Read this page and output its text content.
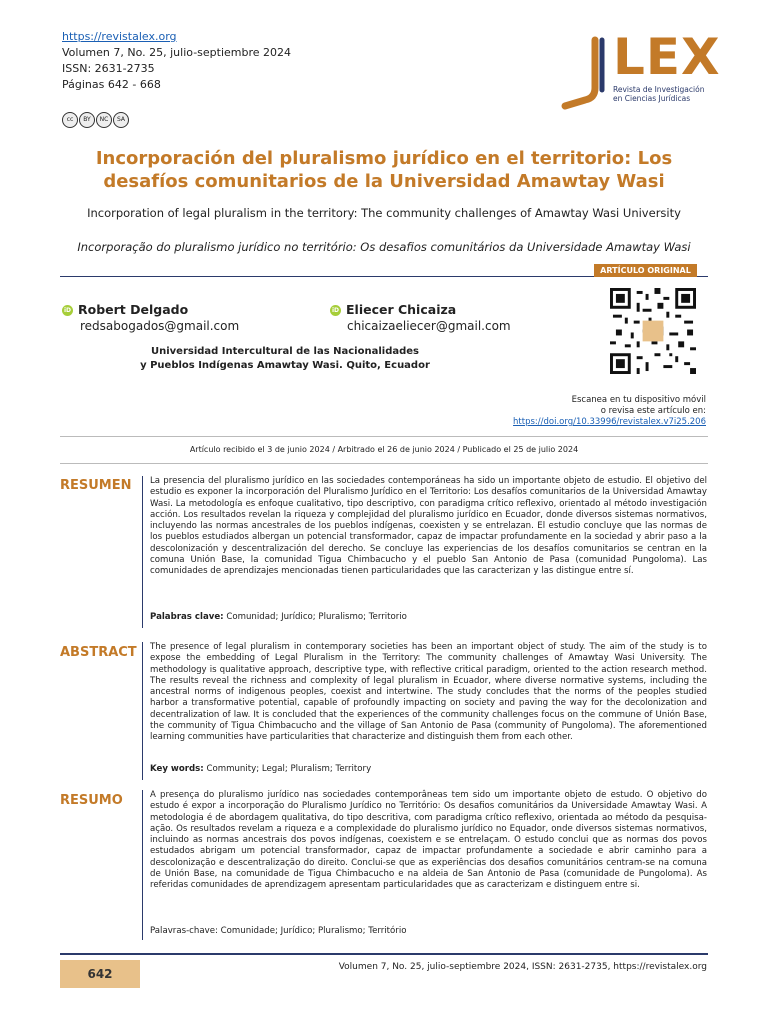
https://revistalex.org
Volumen 7, No. 25, julio-septiembre 2024
ISSN: 2631-2735
Páginas 642 - 668
cc	BY	NC	SA
LEX
Revista de Investigación
en Ciencias Jurídicas
Incorporación del pluralismo jurídico en el territorio: Los desafíos comunitarios de la Universidad Amawtay Wasi
Incorporation of legal pluralism in the territory: The community challenges of Amawtay Wasi University
Incorporação do pluralismo jurídico no território: Os desafios comunitários da Universidade Amawtay Wasi
ARTÍCULO ORIGINAL
iD Robert Delgado
redsabogados@gmail.com
iD Eliecer Chicaiza
chicaizaeliecer@gmail.com
Universidad Intercultural de las Nacionalidades
y Pueblos Indígenas Amawtay Wasi. Quito, Ecuador
Escanea en tu dispositivo móvil
o revisa este artículo en:
https://doi.org/10.33996/revistalex.v7i25.206
Artículo recibido el 3 de junio 2024 / Arbitrado el 26 de junio 2024 / Publicado el 25 de julio 2024
RESUMEN La presencia del pluralismo jurídico en las sociedades contemporáneas ha sido un importante objeto de estudio. El objetivo del estudio es exponer la incorporación del Pluralismo Jurídico en el Territorio: Los desafíos comunitarios de la Universidad Amawtay Wasi. La metodología es enfoque cualitativo, tipo descriptivo, con paradigma crítico reflexivo, orientado al método investigación acción. Los resultados revelan la riqueza y complejidad del pluralismo jurídico en Ecuador, donde diversos sistemas normativos, incluyendo las normas ancestrales de los pueblos indígenas, coexisten y se entrelazan. El estudio concluye que las normas de los pueblos estudiados albergan un potencial transformador, capaz de impactar profundamente en la sociedad y abrir paso a la descolonización y descentralización del derecho. Se concluye las experiencias de los desafíos comunitarios se centran en la comuna Unión Base, la comunidad Tigua Chimbacucho y el pueblo San Antonio de Pasa (comunidad Pungoloma). Las comunidades de aprendizajes mencionadas tienen particularidades que las caracterizan y las distingue entre sí.
Palabras clave: Comunidad; Jurídico; Pluralismo; Territorio
ABSTRACT The presence of legal pluralism in contemporary societies has been an important object of study. The aim of the study is to expose the embedding of Legal Pluralism in the Territory: The community challenges of Amawtay Wasi University. The methodology is qualitative approach, descriptive type, with reflective critical paradigm, oriented to the action research method. The results reveal the richness and complexity of legal pluralism in Ecuador, where diverse normative systems, including the ancestral norms of indigenous peoples, coexist and intertwine. The study concludes that the norms of the peoples studied harbor a transformative potential, capable of profoundly impacting on society and paving the way for the decolonization and decentralization of law. It is concluded that the experiences of the community challenges focus on the commune of Unión Base, the community of Tigua Chimbacucho and the village of San Antonio de Pasa (community of Pungoloma). The aforementioned learning communities have particularities that characterize and distinguish them from each other.
Key words: Community; Legal; Pluralism; Territory
RESUMO	A presença do pluralismo jurídico nas sociedades contemporâneas tem sido um importante objeto de estudo. O objetivo do estudo é expor a incorporação do Pluralismo Jurídico no Território: Os desafios comunitários da Universidade Amawtay Wasi. A metodologia é de abordagem qualitativa, do tipo descritiva, com paradigma crítico reflexivo, orientada ao método da pesquisa-ação. Os resultados revelam a riqueza e a complexidade do pluralismo jurídico no Equador, onde diversos sistemas normativos, incluindo as normas ancestrais dos povos indígenas, coexistem e se entrelaçam. O estudo conclui que as normas dos povos estudados abrigam um potencial transformador, capaz de impactar profundamente a sociedade e abrir caminho para a descolonização e descentralização do direito. Conclui-se que as experiências dos desafios comunitários centram-se na comuna de Unión Base, na comunidade de Tigua Chimbacucho e na aldeia de San Antonio de Pasa (comunidade de Pungoloma). As referidas comunidades de aprendizagem apresentam particularidades que as caracterizam e distinguem entre si.
Palavras-chave: Comunidade; Jurídico; Pluralismo; Território
642	Volumen 7, No. 25, julio-septiembre 2024, ISSN: 2631-2735, https://revistalex.org
